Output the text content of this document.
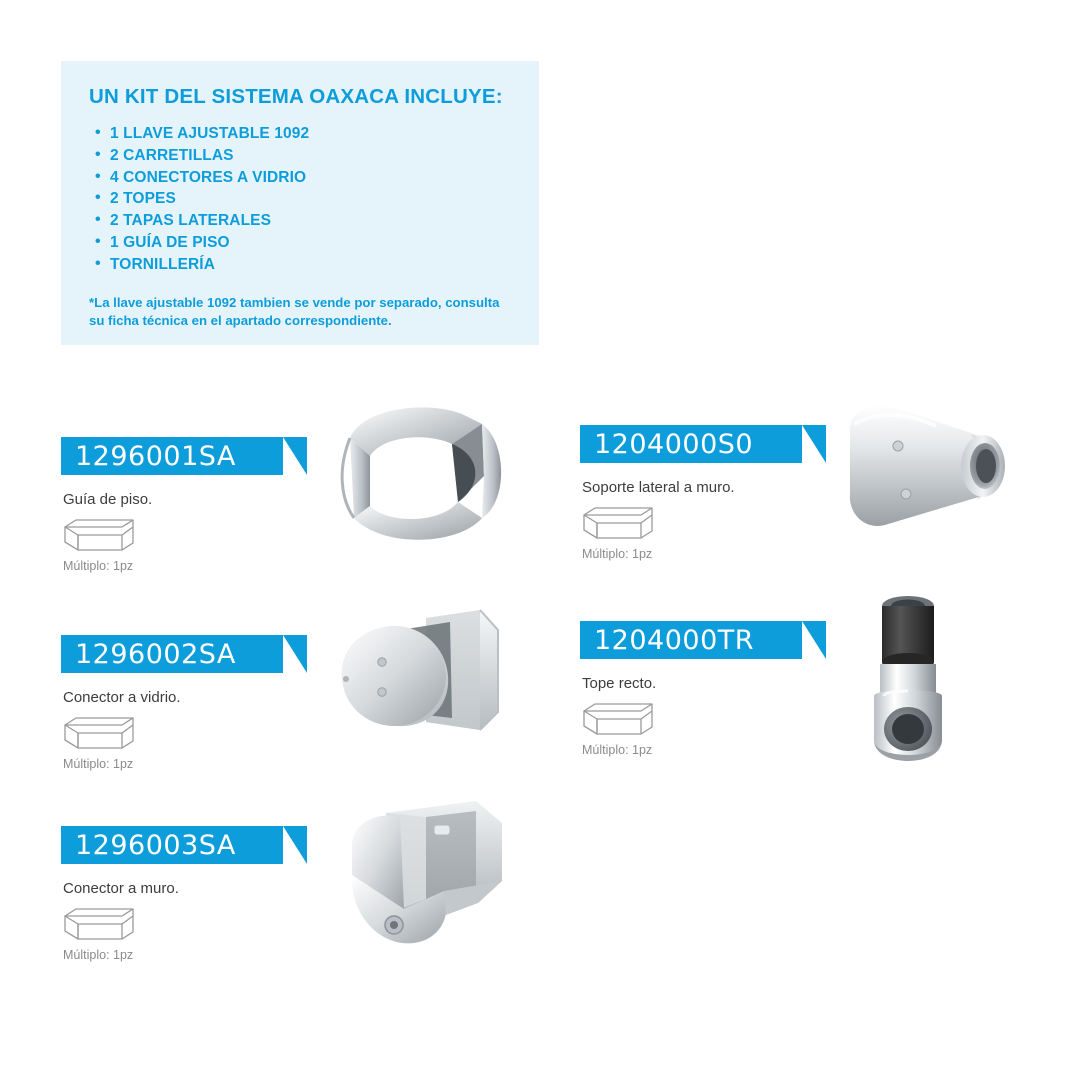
UN KIT DEL SISTEMA OAXACA INCLUYE:
• 1 LLAVE AJUSTABLE 1092
• 2 CARRETILLAS
• 4 CONECTORES A VIDRIO
• 2 TOPES
• 2 TAPAS LATERALES
• 1 GUÍA DE PISO
• TORNILLERÍA
*La llave ajustable 1092 tambien se vende por separado, consulta su ficha técnica en el apartado correspondiente.
1296001SA
Guía de piso.
Múltiplo: 1pz
1296002SA
Conector a vidrio.
Múltiplo: 1pz
1296003SA
Conector a muro.
Múltiplo: 1pz
1204000S0
Soporte lateral a muro.
Múltiplo: 1pz
1204000TR
Tope recto.
Múltiplo: 1pz
